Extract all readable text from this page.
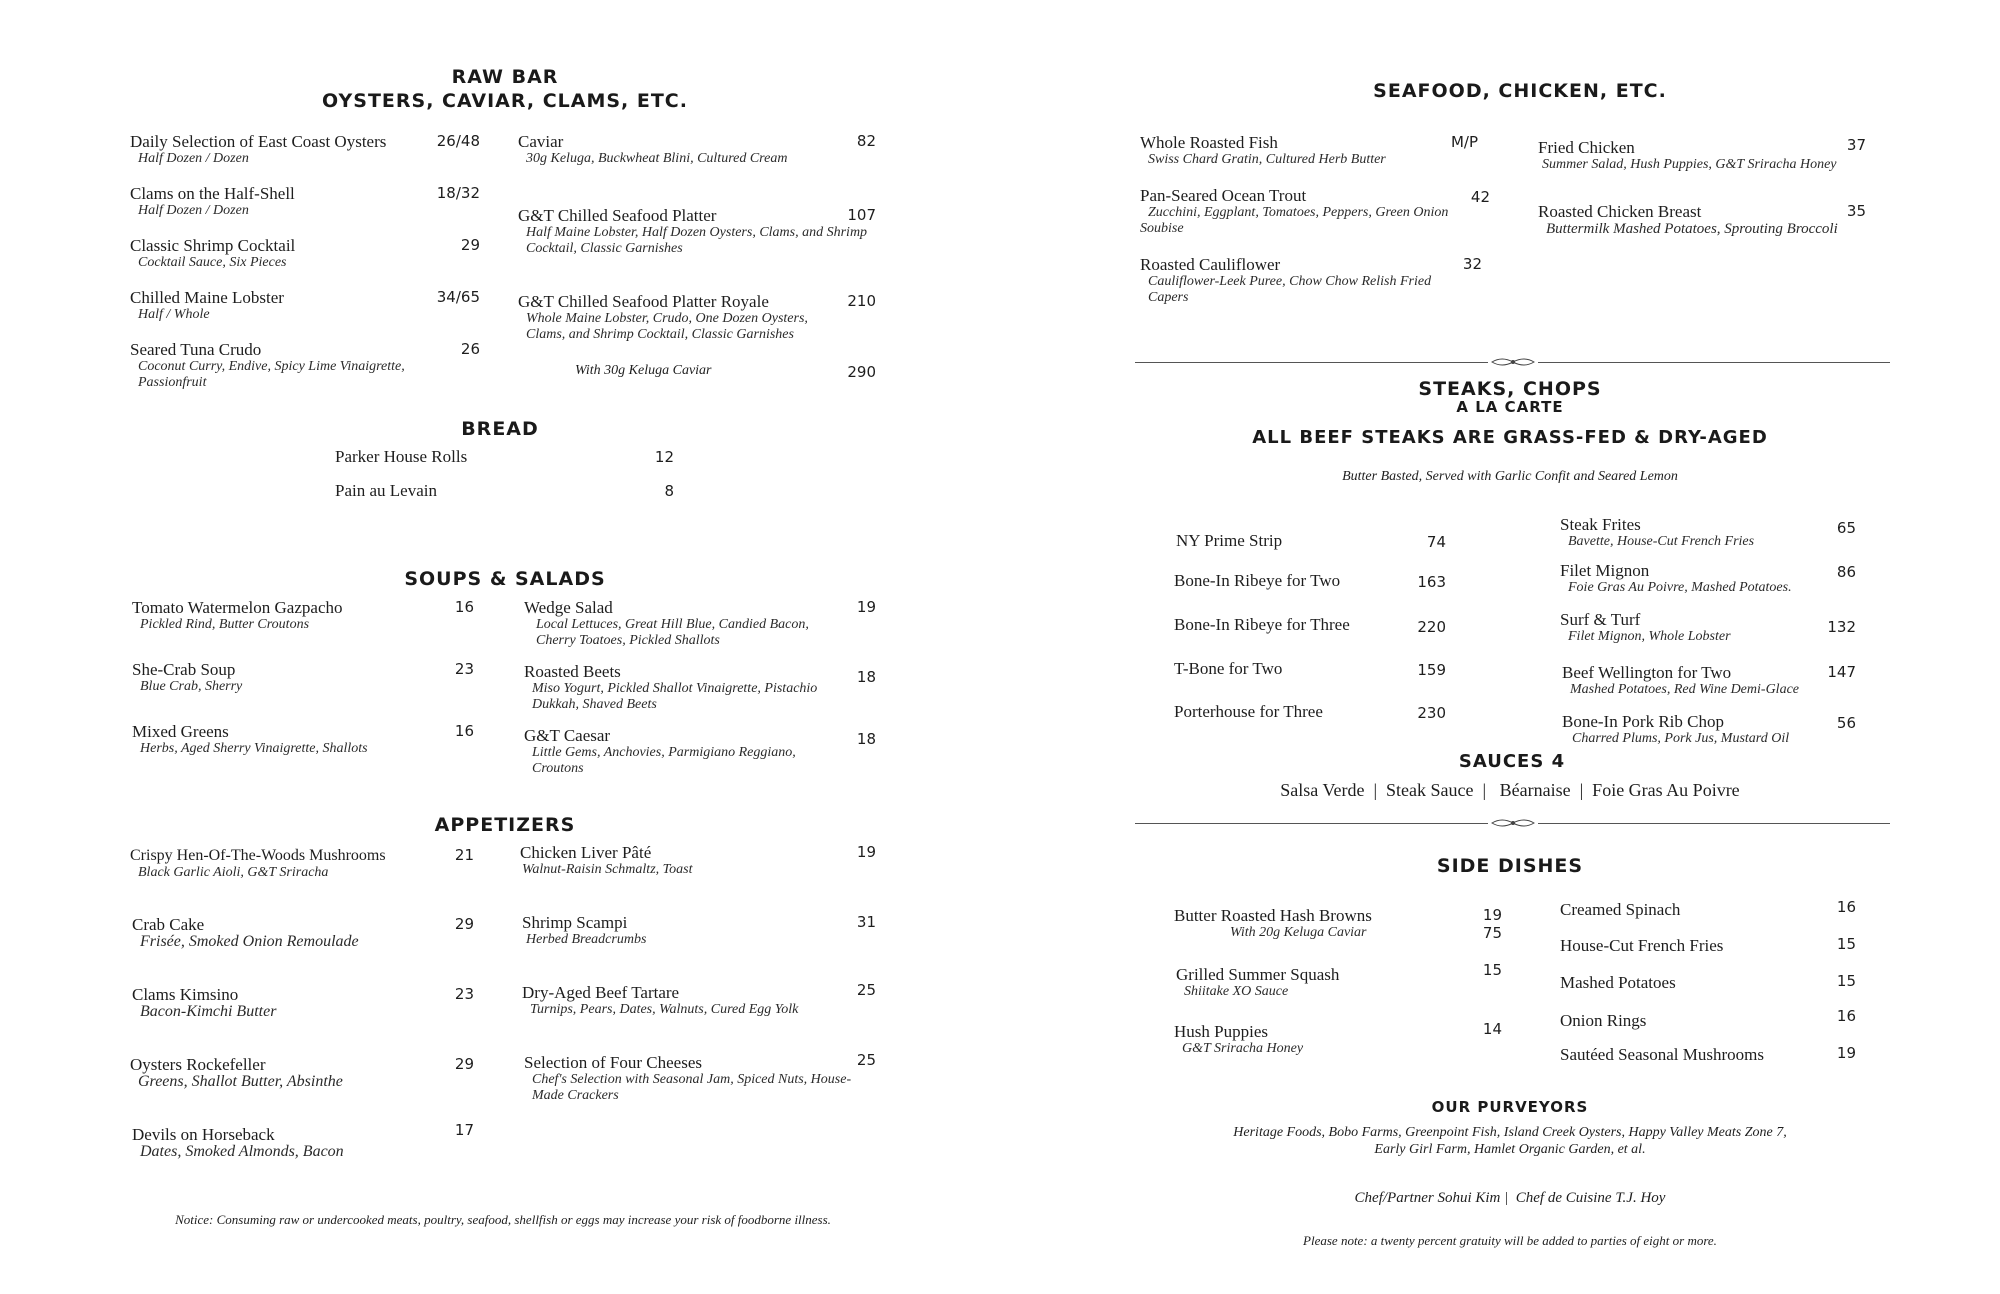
RAW BAR
OYSTERS, CAVIAR, CLAMS, ETC.
Daily Selection of East Coast Oysters
Half Dozen / Dozen
26/48
Clams on the Half-Shell
Half Dozen / Dozen
18/32
Classic Shrimp Cocktail
Cocktail Sauce, Six Pieces
29
Chilled Maine Lobster
Half / Whole
34/65
Seared Tuna Crudo
Coconut Curry, Endive, Spicy Lime Vinaigrette, Passionfruit
26
Caviar
30g Keluga, Buckwheat Blini, Cultured Cream
82
G&T Chilled Seafood Platter
Half Maine Lobster, Half Dozen Oysters, Clams, and Shrimp Cocktail, Classic Garnishes
107
G&T Chilled Seafood Platter Royale
Whole Maine Lobster, Crudo, One Dozen Oysters, Clams, and Shrimp Cocktail, Classic Garnishes
210
With 30g Keluga Caviar	290
BREAD
Parker House Rolls	12
Pain au Levain	8
SOUPS & SALADS
Tomato Watermelon Gazpacho
Pickled Rind, Butter Croutons
16
She-Crab Soup
Blue Crab, Sherry
23
Mixed Greens
Herbs, Aged Sherry Vinaigrette, Shallots
16
Wedge Salad
Local Lettuces, Great Hill Blue, Candied Bacon, Cherry Toatoes, Pickled Shallots
19
Roasted Beets
Miso Yogurt, Pickled Shallot Vinaigrette, Pistachio Dukkah, Shaved Beets
18
G&T Caesar
Little Gems, Anchovies, Parmigiano Reggiano, Croutons
18
APPETIZERS
Crispy Hen-Of-The-Woods Mushrooms
Black Garlic Aioli, G&T Sriracha
21
Crab Cake
Frisée, Smoked Onion Remoulade
29
Clams Kimsino
Bacon-Kimchi Butter
23
Oysters Rockefeller
Greens, Shallot Butter, Absinthe
29
Devils on Horseback
Dates, Smoked Almonds, Bacon
17
Chicken Liver Pâté
Walnut-Raisin Schmaltz, Toast
19
Shrimp Scampi
Herbed Breadcrumbs
31
Dry-Aged Beef Tartare
Turnips, Pears, Dates, Walnuts, Cured Egg Yolk
25
Selection of Four Cheeses
Chef's Selection with Seasonal Jam, Spiced Nuts, House-Made Crackers
25
Notice: Consuming raw or undercooked meats, poultry, seafood, shellfish or eggs may increase your risk of foodborne illness.
SEAFOOD, CHICKEN, ETC.
Whole Roasted Fish
Swiss Chard Gratin, Cultured Herb Butter
M/P
Pan-Seared Ocean Trout
Zucchini, Eggplant, Tomatoes, Peppers, Green Onion Soubise
42
Roasted Cauliflower
Cauliflower-Leek Puree, Chow Chow Relish Fried Capers
32
Fried Chicken
Summer Salad, Hush Puppies, G&T Sriracha Honey
37
Roasted Chicken Breast
Buttermilk Mashed Potatoes, Sprouting Broccoli
35
STEAKS, CHOPS
A LA CARTE
ALL BEEF STEAKS ARE GRASS-FED & DRY-AGED
Butter Basted, Served with Garlic Confit and Seared Lemon
NY Prime Strip	74
Bone-In Ribeye for Two	163
Bone-In Ribeye for Three	220
T-Bone for Two	159
Porterhouse for Three	230
Steak Frites
Bavette, House-Cut French Fries
65
Filet Mignon
Foie Gras Au Poivre, Mashed Potatoes.
86
Surf & Turf
Filet Mignon, Whole Lobster
132
Beef Wellington for Two
Mashed Potatoes, Red Wine Demi-Glace
147
Bone-In Pork Rib Chop
Charred Plums, Pork Jus, Mustard Oil
56
SAUCES 4
Salsa Verde  |  Steak Sauce  |   Béarnaise  |  Foie Gras Au Poivre
SIDE DISHES
Butter Roasted Hash Browns
With 20g Keluga Caviar
19
75
Grilled Summer Squash
Shiitake XO Sauce
15
Hush Puppies
G&T Sriracha Honey
14
Creamed Spinach	16
House-Cut French Fries	15
Mashed Potatoes	15
Onion Rings	16
Sautéed Seasonal Mushrooms	19
OUR PURVEYORS
Heritage Foods, Bobo Farms, Greenpoint Fish, Island Creek Oysters, Happy Valley Meats Zone 7,
Early Girl Farm, Hamlet Organic Garden, et al.
Chef/Partner Sohui Kim |  Chef de Cuisine T.J. Hoy
Please note: a twenty percent gratuity will be added to parties of eight or more.
